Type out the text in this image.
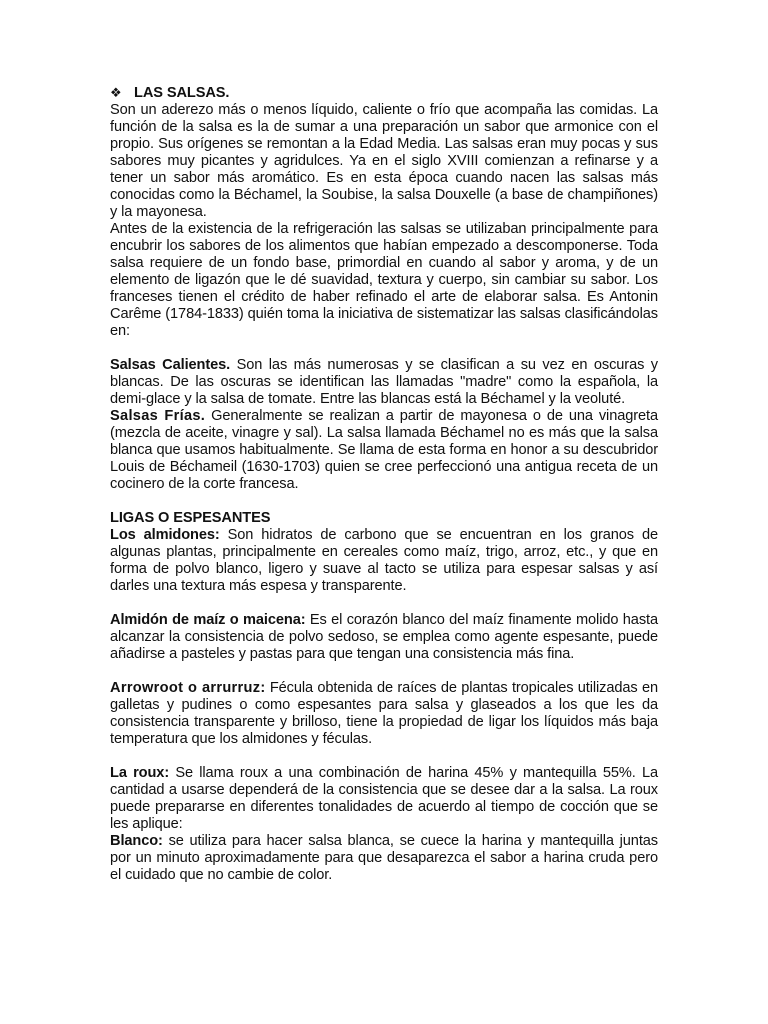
❖ LAS SALSAS.

Son un aderezo más o menos líquido, caliente o frío que acompaña las comidas. La función de la salsa es la de sumar a una preparación un sabor que armonice con el propio. Sus orígenes se remontan a la Edad Media. Las salsas eran muy pocas y sus sabores muy picantes y agridulces. Ya en el siglo XVIII comienzan a refinarse y a tener un sabor más aromático. Es en esta época cuando nacen las salsas más conocidas como la Béchamel, la Soubise, la salsa Douxelle (a base de champiñones) y la mayonesa.

Antes de la existencia de la refrigeración las salsas se utilizaban principalmente para encubrir los sabores de los alimentos que habían empezado a descomponerse. Toda salsa requiere de un fondo base, primordial en cuando al sabor y aroma, y de un elemento de ligazón que le dé suavidad, textura y cuerpo, sin cambiar su sabor. Los franceses tienen el crédito de haber refinado el arte de elaborar salsa. Es Antonin Carême (1784-1833) quién toma la iniciativa de sistematizar las salsas clasificándolas en:

Salsas Calientes. Son las más numerosas y se clasifican a su vez en oscuras y blancas. De las oscuras se identifican las llamadas "madre" como la española, la demi-glace y la salsa de tomate. Entre las blancas está la Béchamel y la veoluté.

Salsas Frías. Generalmente se realizan a partir de mayonesa o de una vinagreta (mezcla de aceite, vinagre y sal). La salsa llamada Béchamel no es más que la salsa blanca que usamos habitualmente. Se llama de esta forma en honor a su descubridor Louis de Béchameil (1630-1703) quien se cree perfeccionó una antigua receta de un cocinero de la corte francesa.

LIGAS O ESPESANTES

Los almidones: Son hidratos de carbono que se encuentran en los granos de algunas plantas, principalmente en cereales como maíz, trigo, arroz, etc., y que en forma de polvo blanco, ligero y suave al tacto se utiliza para espesar salsas y así darles una textura más espesa y transparente.

Almidón de maíz o maicena: Es el corazón blanco del maíz finamente molido hasta alcanzar la consistencia de polvo sedoso, se emplea como agente espesante, puede añadirse a pasteles y pastas para que tengan una consistencia más fina.

Arrowroot o arrurruz: Fécula obtenida de raíces de plantas tropicales utilizadas en galletas y pudines o como espesantes para salsa y glaseados a los que les da consistencia transparente y brilloso, tiene la propiedad de ligar los líquidos más baja temperatura que los almidones y féculas.

La roux: Se llama roux a una combinación de harina 45% y mantequilla 55%. La cantidad a usarse dependerá de la consistencia que se desee dar a la salsa. La roux puede prepararse en diferentes tonalidades de acuerdo al tiempo de cocción que se les aplique:

Blanco: se utiliza para hacer salsa blanca, se cuece la harina y mantequilla juntas por un minuto aproximadamente para que desaparezca el sabor a harina cruda pero el cuidado que no cambie de color.
